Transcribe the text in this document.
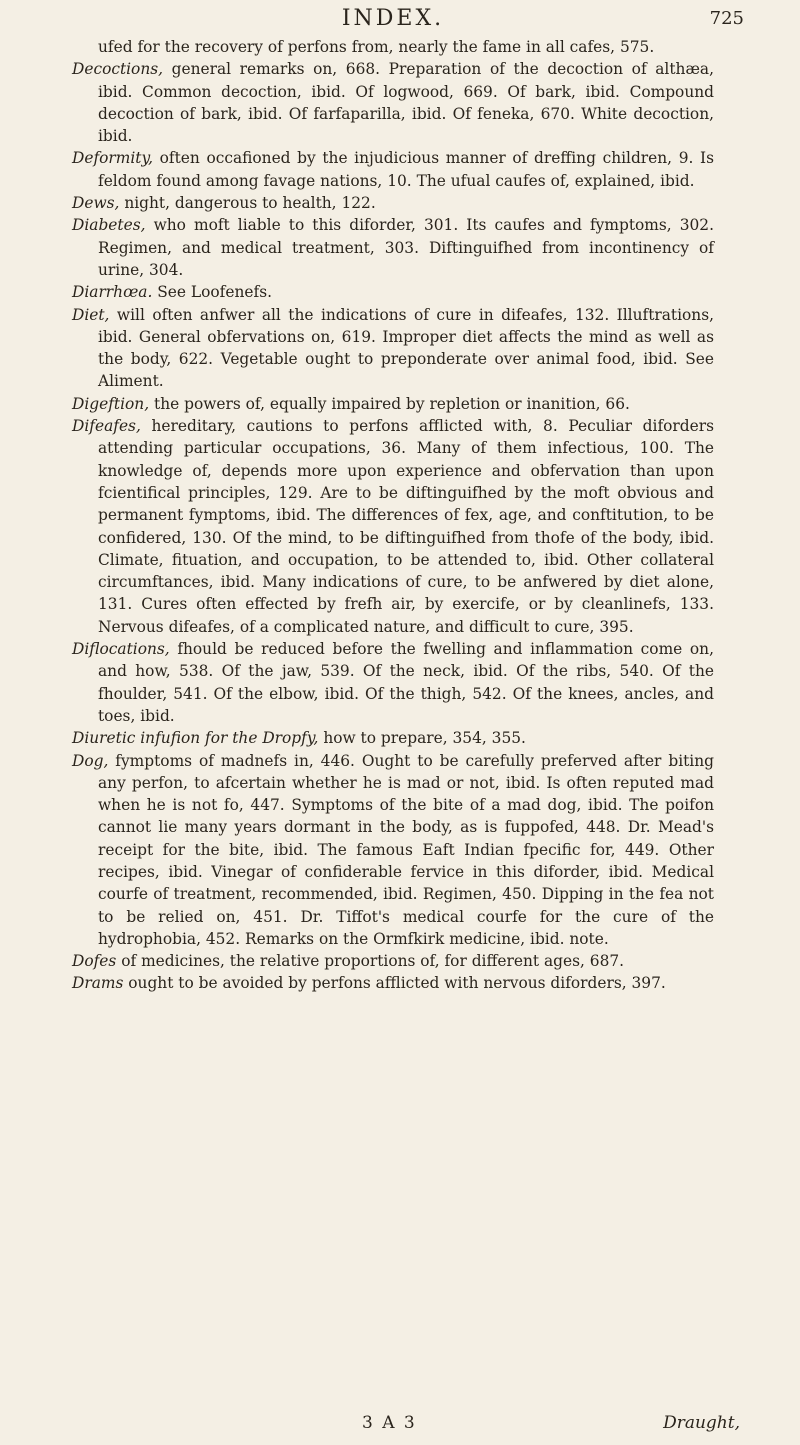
INDEX.	725

ufed for the recovery of perfons from, nearly the fame in all cafes, 575.

Decoctions, general remarks on, 668. Preparation of the decoction of althæa, ibid. Common decoction, ibid. Of logwood, 669. Of bark, ibid. Compound decoction of bark, ibid. Of farfaparilla, ibid. Of feneka, 670. White decoction, ibid.

Deformity, often occafioned by the injudicious manner of dreffing children, 9. Is feldom found among favage nations, 10. The ufual caufes of, explained, ibid.

Dews, night, dangerous to health, 122.

Diabetes, who moft liable to this diforder, 301. Its caufes and fymptoms, 302. Regimen, and medical treatment, 303. Diftinguifhed from incontinency of urine, 304.

Diarrhœa. See Loofenefs.

Diet, will often anfwer all the indications of cure in difeafes, 132. Illuftrations, ibid. General obfervations on, 619. Improper diet affects the mind as well as the body, 622. Vegetable ought to preponderate over animal food, ibid. See Aliment.

Digeftion, the powers of, equally impaired by repletion or inanition, 66.

Difeafes, hereditary, cautions to perfons afflicted with, 8. Peculiar diforders attending particular occupations, 36. Many of them infectious, 100. The knowledge of, depends more upon experience and obfervation than upon fcientifical principles, 129. Are to be diftinguifhed by the moft obvious and permanent fymptoms, ibid. The differences of fex, age, and conftitution, to be confidered, 130. Of the mind, to be diftinguifhed from thofe of the body, ibid. Climate, fituation, and occupation, to be attended to, ibid. Other collateral circumftances, ibid. Many indications of cure, to be anfwered by diet alone, 131. Cures often effected by frefh air, by exercife, or by cleanlinefs, 133. Nervous difeafes, of a complicated nature, and difficult to cure, 395.

Diflocations, fhould be reduced before the fwelling and inflammation come on, and how, 538. Of the jaw, 539. Of the neck, ibid. Of the ribs, 540. Of the fhoulder, 541. Of the elbow, ibid. Of the thigh, 542. Of the knees, ancles, and toes, ibid.

Diuretic infufion for the Dropfy, how to prepare, 354, 355.

Dog, fymptoms of madnefs in, 446. Ought to be carefully preferved after biting any perfon, to afcertain whether he is mad or not, ibid. Is often reputed mad when he is not fo, 447. Symptoms of the bite of a mad dog, ibid. The poifon cannot lie many years dormant in the body, as is fuppofed, 448. Dr. Mead's receipt for the bite, ibid. The famous Eaft Indian fpecific for, 449. Other recipes, ibid. Vinegar of confiderable fervice in this diforder, ibid. Medical courfe of treatment, recommended, ibid. Regimen, 450. Dipping in the fea not to be relied on, 451. Dr. Tiffot's medical courfe for the cure of the hydrophobia, 452. Remarks on the Ormfkirk medicine, ibid. note.

Dofes of medicines, the relative proportions of, for different ages, 687.

Drams ought to be avoided by perfons afflicted with nervous diforders, 397.

3 A 3	Draught,
